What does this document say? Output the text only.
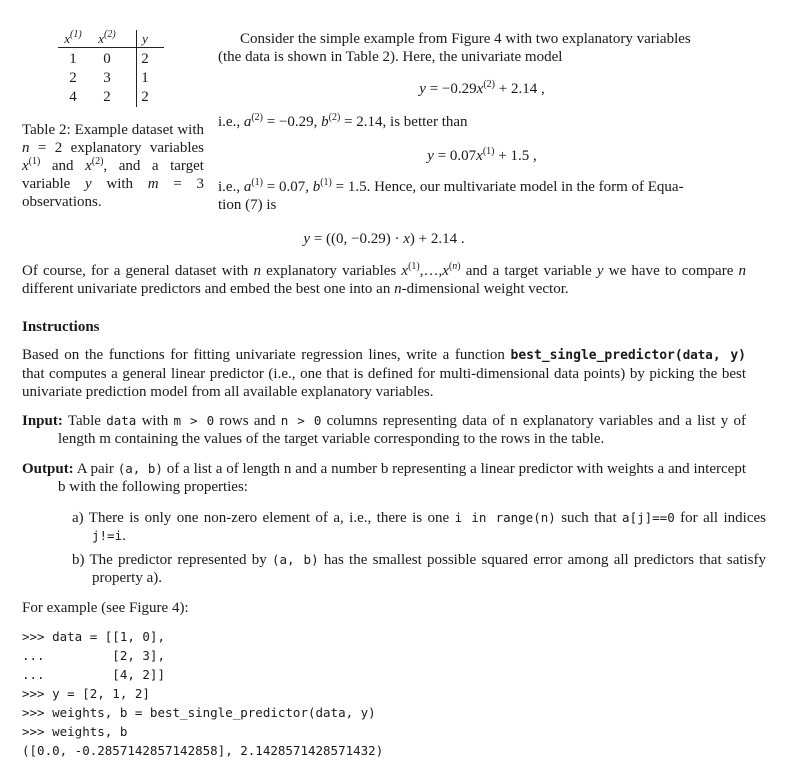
$x^{(1)}$	$x^{(2)}$	y
1	0	2
2	3	1
4	2	2
Table 2: Example dataset with n = 2 explanatory variables $x^{(1)}$ and $x^{(2)}$, and a target variable y with m = 3 observations.
Consider the simple example from Figure 4 with two explanatory variables
(the data is shown in Table 2). Here, the univariate model
$y = -0.29x^{(2)} + 2.14$ ,
i.e., $a^{(2)} = -0.29$, $b^{(2)} = 2.14$, is better than
$y = 0.07x^{(1)} + 1.5$ ,
i.e., $a^{(1)} = 0.07$, $b^{(1)} = 1.5$. Hence, our multivariate model in the form of Equa-
tion (7) is
y = ((0, −0.29) · x) + 2.14 .
Of course, for a general dataset with n explanatory variables $x^{(1)},\dots,x^{(n)}$ and a target variable y we have to compare n different univariate predictors and embed the best one into an n-dimensional weight vector.
Instructions
Based on the functions for fitting univariate regression lines, write a function best_single_predictor(data, y) that computes a general linear predictor (i.e., one that is defined for multi-dimensional data points) by picking the best univariate prediction model from all available explanatory variables.
Input: Table data with m > 0 rows and n > 0 columns representing data of n explanatory variables and a list y of length m containing the values of the target variable corresponding to the rows in the table.
Output: A pair (a, b) of a list a of length n and a number b representing a linear predictor with weights a and intercept b with the following properties:
a) There is only one non-zero element of a, i.e., there is one i in range(n) such that a[j]==0 for all indices j!=i.
b) The predictor represented by (a, b) has the smallest possible squared error among all predictors that satisfy property a).
For example (see Figure 4):
>>> data = [[1, 0],
...         [2, 3],
...         [4, 2]]
>>> y = [2, 1, 2]
>>> weights, b = best_single_predictor(data, y)
>>> weights, b
([0.0, -0.2857142857142858], 2.1428571428571432)
